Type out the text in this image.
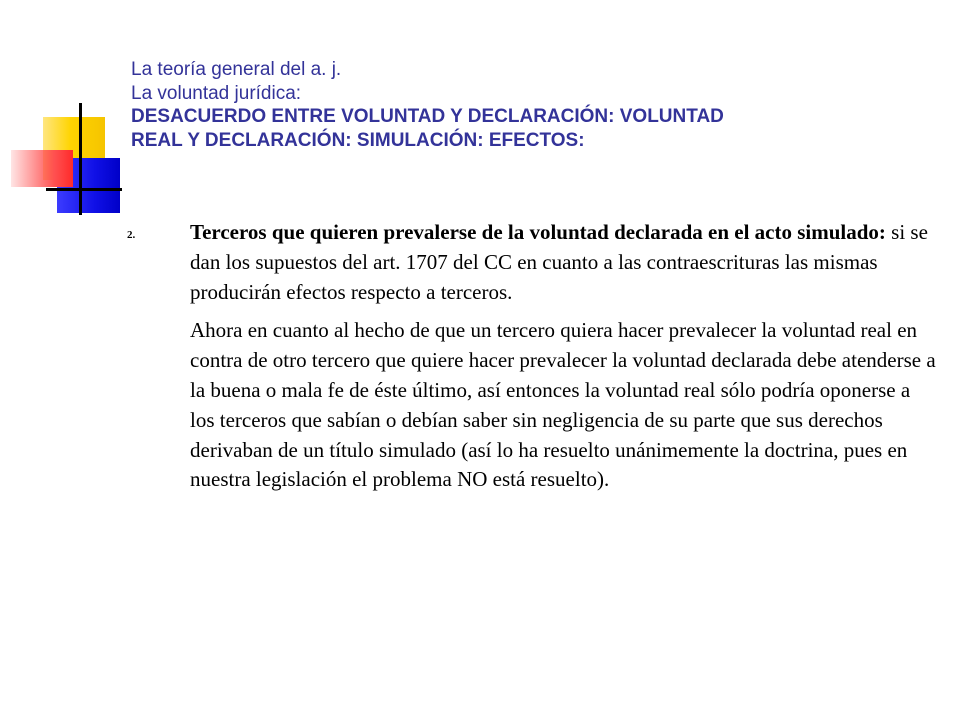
La teoría general del a. j.
La voluntad jurídica:
DESACUERDO ENTRE VOLUNTAD Y DECLARACIÓN: VOLUNTAD
REAL Y DECLARACIÓN: SIMULACIÓN: EFECTOS:
2.	Terceros que quieren prevalerse de la voluntad declarada en el acto simulado: si se dan los supuestos del art. 1707 del CC en cuanto a las contraescrituras las mismas producirán efectos respecto a terceros.

Ahora en cuanto al hecho de que un tercero quiera hacer prevalecer la voluntad real en contra de otro tercero que quiere hacer prevalecer la voluntad declarada debe atenderse a la buena o mala fe de éste último, así entonces la voluntad real sólo podría oponerse a los terceros que sabían o debían saber sin negligencia de su parte que sus derechos derivaban de un título simulado (así lo ha resuelto unánimemente la doctrina, pues en nuestra legislación el problema NO está resuelto).
